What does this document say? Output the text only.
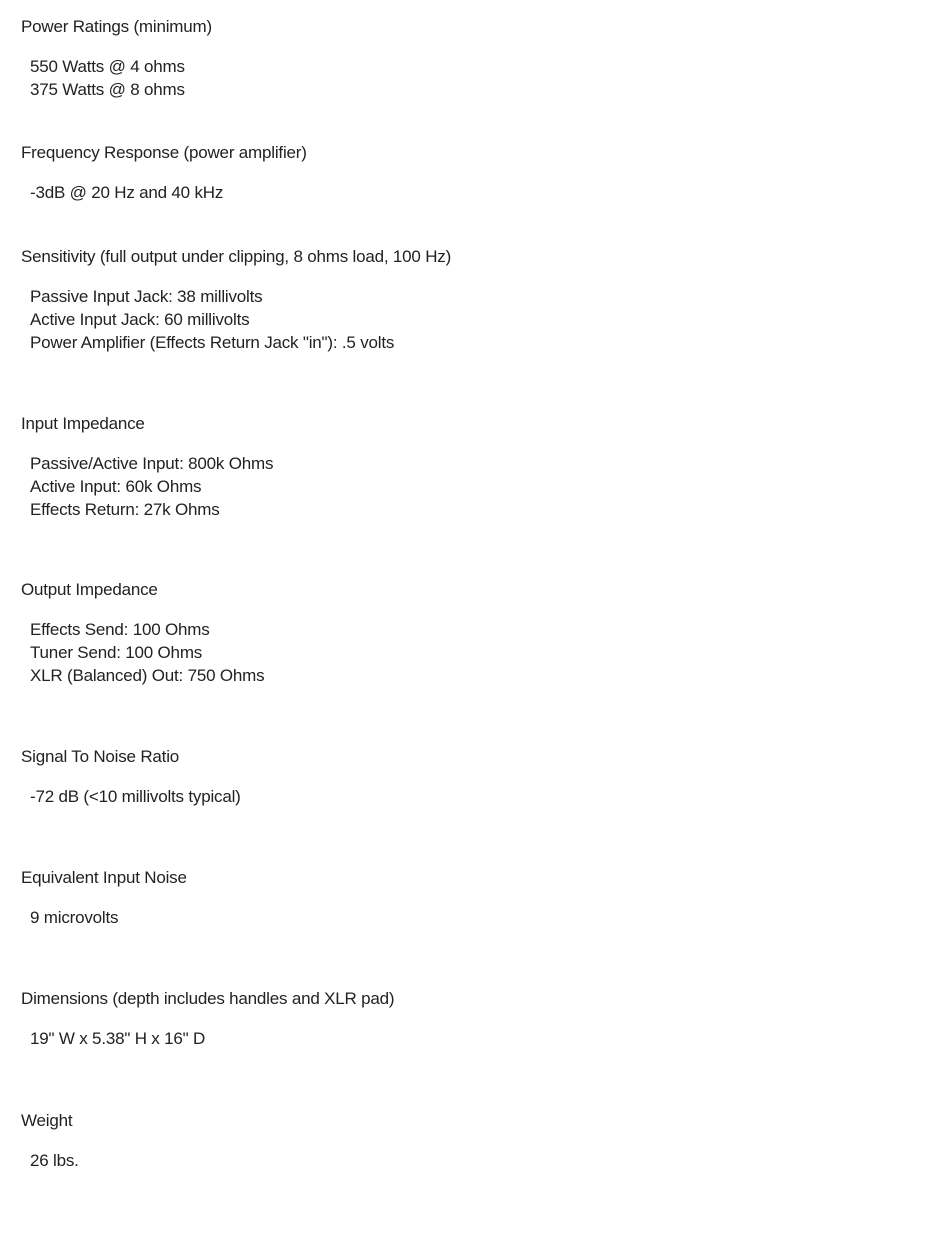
Power Ratings (minimum)
550 Watts @ 4 ohms
375 Watts @ 8 ohms
Frequency Response (power amplifier)
-3dB @ 20 Hz and 40 kHz
Sensitivity (full output under clipping, 8 ohms load, 100 Hz)
Passive Input Jack: 38 millivolts
Active Input Jack: 60 millivolts
Power Amplifier (Effects Return Jack "in"): .5 volts
Input Impedance
Passive/Active Input: 800k Ohms
Active Input: 60k Ohms
Effects Return: 27k Ohms
Output Impedance
Effects Send: 100 Ohms
Tuner Send: 100 Ohms
XLR (Balanced) Out: 750 Ohms
Signal To Noise Ratio
-72 dB (<10 millivolts typical)
Equivalent Input Noise
9 microvolts
Dimensions (depth includes handles and XLR pad)
19" W x 5.38" H x 16" D
Weight
26 lbs.
